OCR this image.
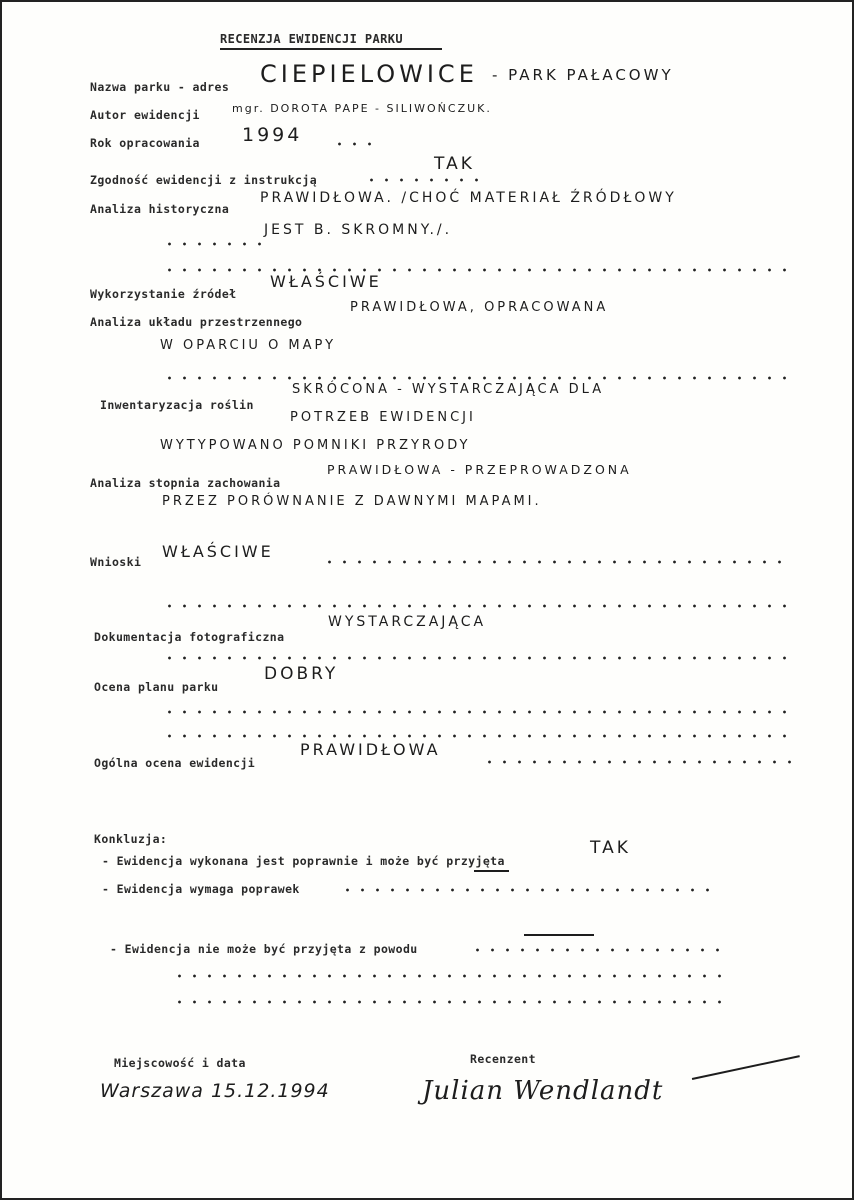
RECENZJA EWIDENCJI PARKU
Nazwa parku - adres CIEPIELOWICE - PARK PAŁACOWY
Autor ewidencji	mgr. DOROTA PAPE - SILIWOŃCZUK.
Rok opracowania 1994
Zgodność ewidencji z instrukcją
TAK
Analiza historyczna
PRAWIDŁOWA. /CHOĆ MATERIAŁ ŹRÓDŁOWY
JEST B. SKROMNY./.
Wykorzystanie źródeł
WŁAŚCIWE
Analiza układu przestrzennego
PRAWIDŁOWA, OPRACOWANA
W OPARCIU O MAPY
Inwentaryzacja roślin
SKRÓCONA - WYSTARCZAJĄCA DLA
POTRZEB EWIDENCJI
WYTYPOWANO POMNIKI PRZYRODY
Analiza stopnia zachowania
PRAWIDŁOWA - PRZEPROWADZONA
PRZEZ PORÓWNANIE Z DAWNYMI MAPAMI.
Wnioski
WŁAŚCIWE
Dokumentacja fotograficzna
WYSTARCZAJĄCA
Ocena planu parku
DOBRY
Ogólna ocena ewidencji
PRAWIDŁOWA
Konkluzja:
- Ewidencja wykonana jest poprawnie i może być przyjęta
TAK
- Ewidencja wymaga poprawek
- Ewidencja nie może być przyjęta z powodu
Miejscowość i data
Warszawa 15.12.1994
Recenzent
Julian Wendlandt
